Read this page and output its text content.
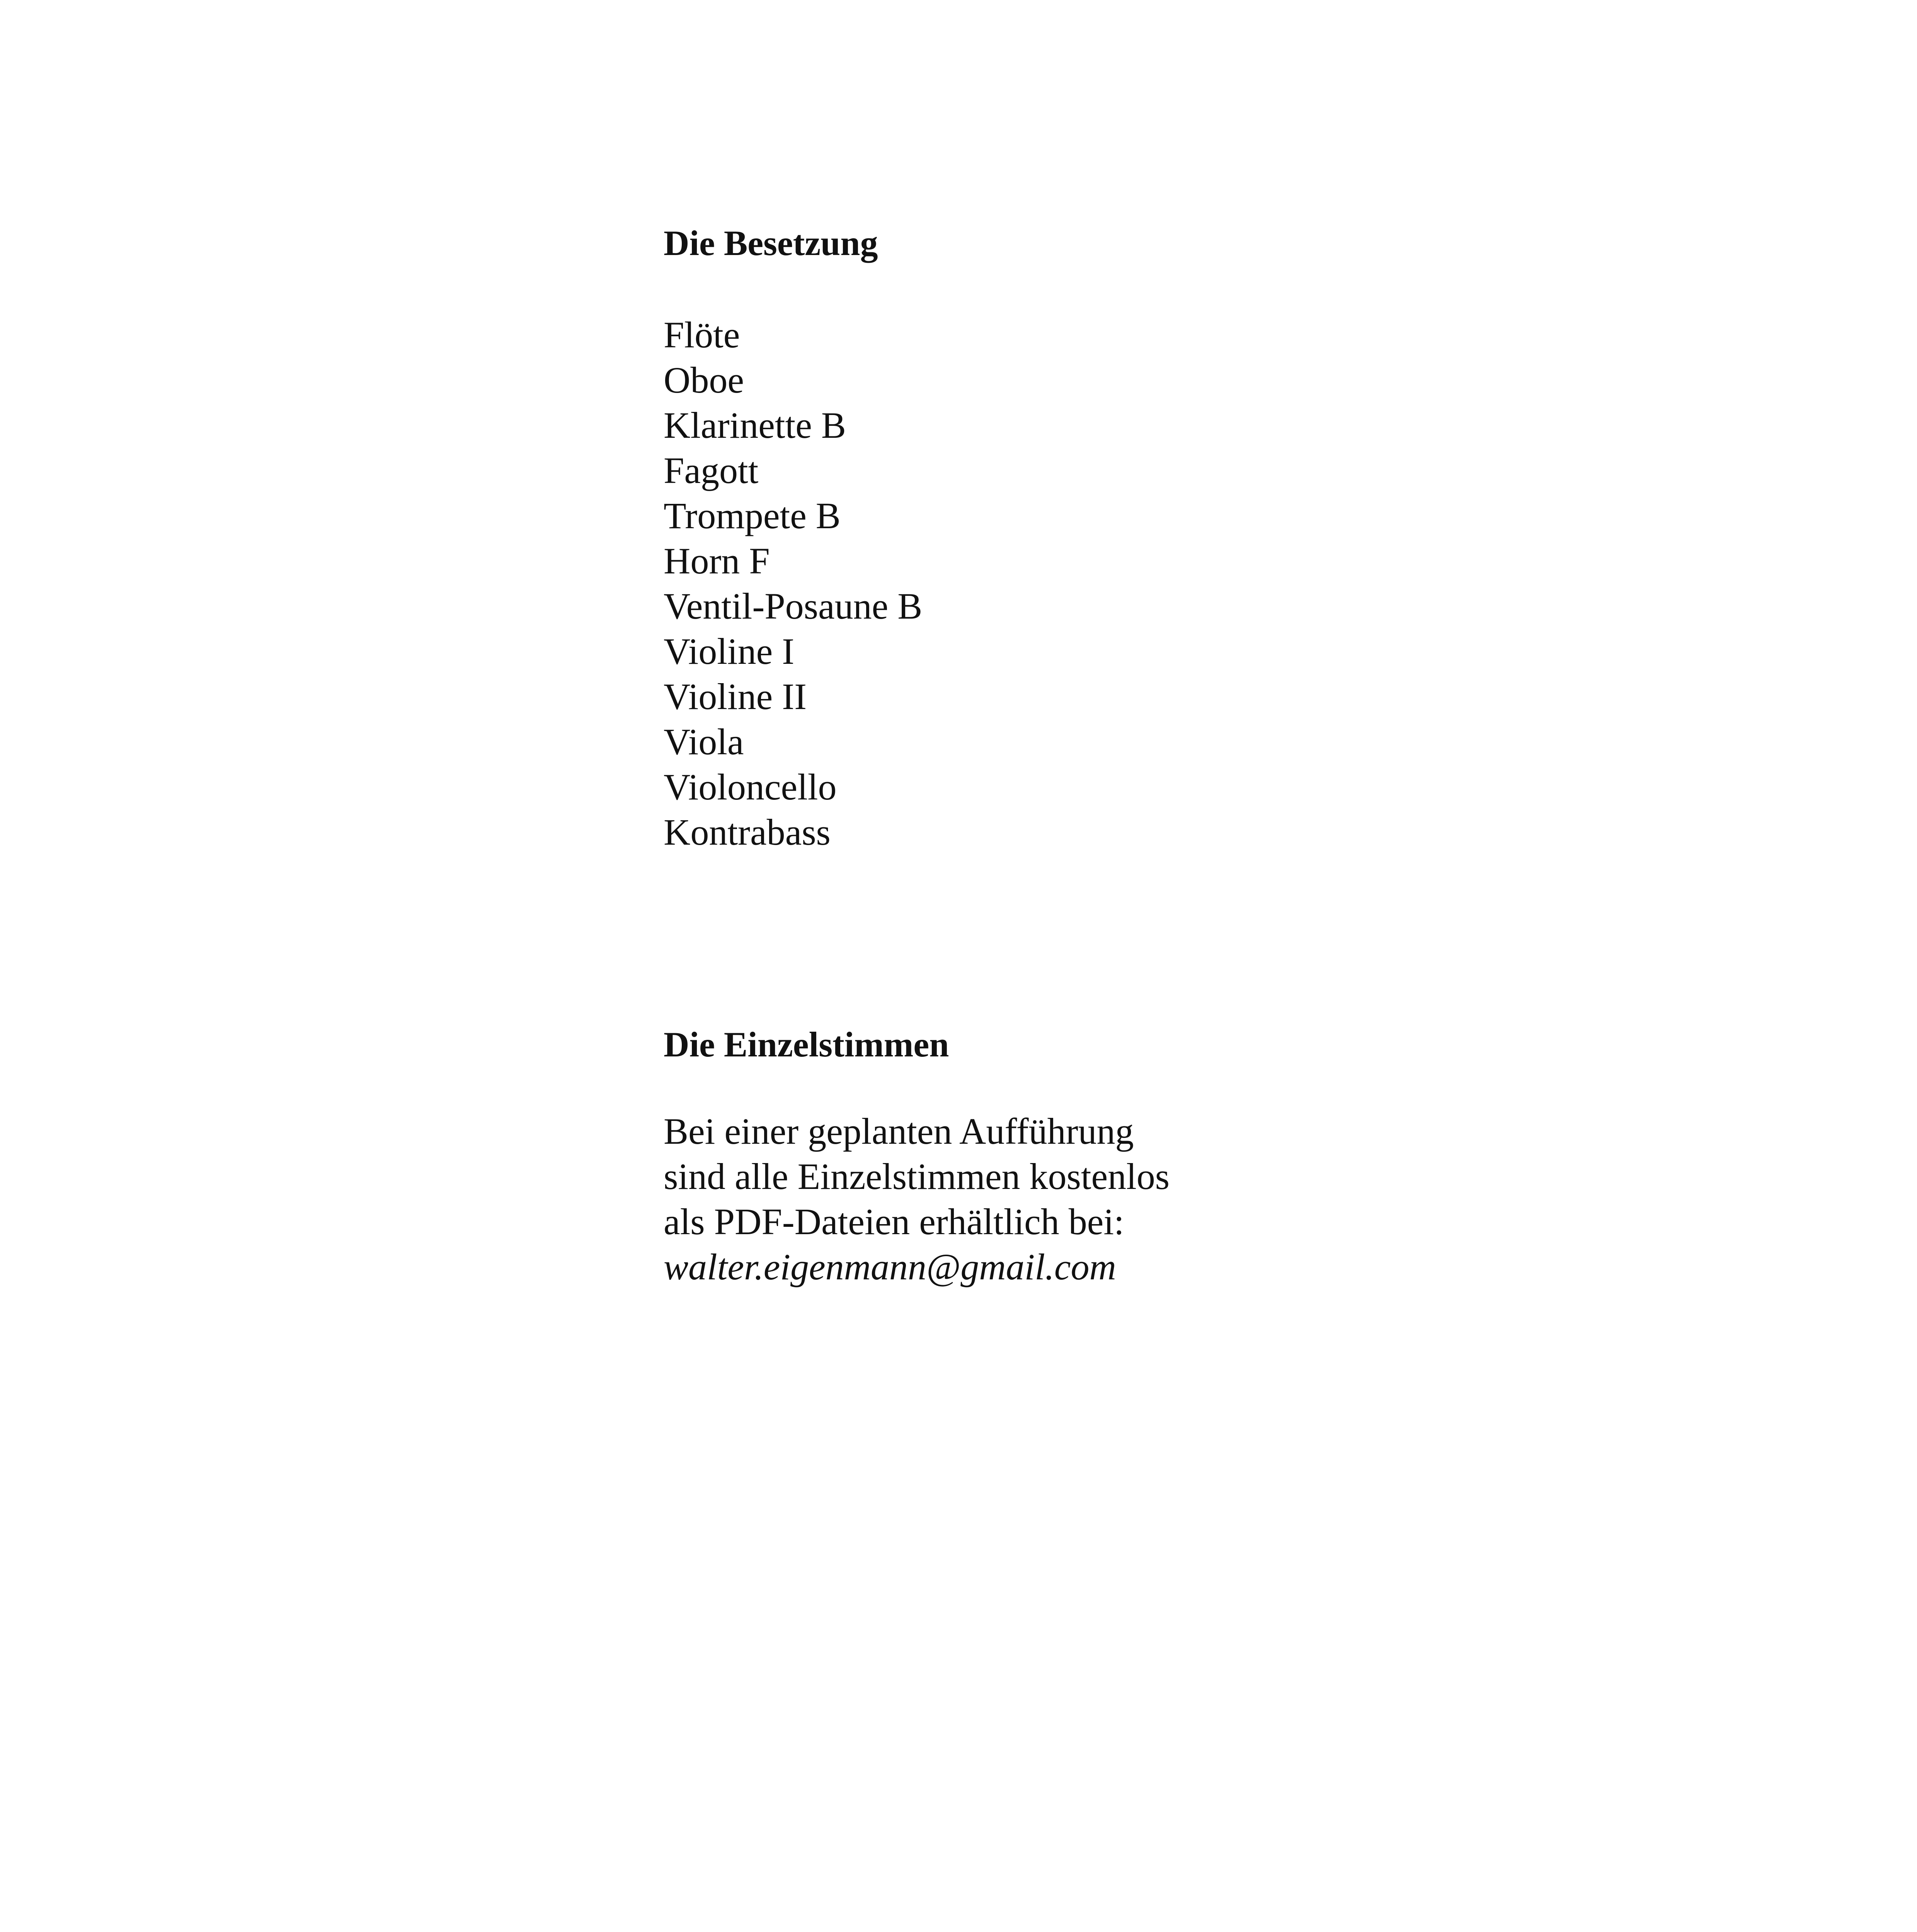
Die Besetzung

Flöte
Oboe
Klarinette B
Fagott
Trompete B
Horn F
Ventil-Posaune B
Violine I
Violine II
Viola
Violoncello
Kontrabass

Die Einzelstimmen

Bei einer geplanten Aufführung
sind alle Einzelstimmen kostenlos
als PDF-Dateien erhältlich bei:
walter.eigenmann@gmail.com
